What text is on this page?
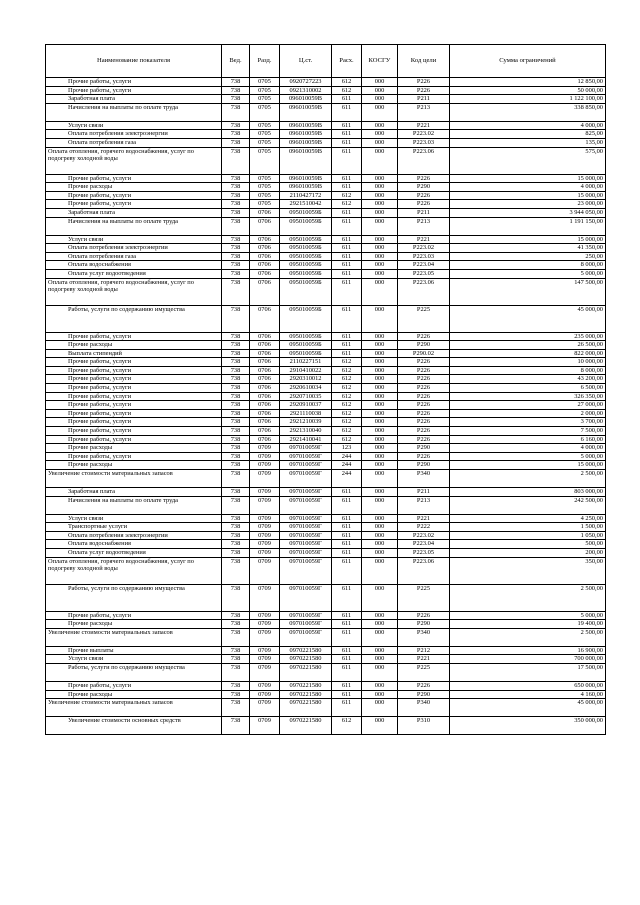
Наименование показателя	Вед.	Разд.	Ц.ст.	Расх.	КОСГУ	Код цели	Сумма ограничений
Прочие работы, услуги	738	0705	0920727223	612	000	Р226	12 850,00
Прочие работы, услуги	738	0705	0921310002	612	000	Р226	50 000,00
Заработная плата	738	0705	096010059В	611	000	Р211	1 122 100,00
Начисления на выплаты по оплате труда	738	0705	096010059В	611	000	Р213	338 850,00
Услуги связи	738	0705	096010059В	611	000	Р221	4 000,00
Оплата потребления электроэнергии	738	0705	096010059В	611	000	Р223.02	825,00
Оплата потребления газа	738	0705	096010059В	611	000	Р223.03	135,00
Оплата отопления, горячего водоснабжения, услуг по подогреву холодной воды	738	0705	096010059В	611	000	Р223.06	575,00
Прочие работы, услуги	738	0705	096010059В	611	000	Р226	15 000,00
Прочие расходы	738	0705	096010059В	611	000	Р290	4 000,00
Прочие работы, услуги	738	0705	2110427172	612	000	Р226	15 000,00
Прочие работы, услуги	738	0705	2921510042	612	000	Р226	23 000,00
Заработная плата	738	0706	095010059Б	611	000	Р211	3 944 050,00
Начисления на выплаты по оплате труда	738	0706	095010059Б	611	000	Р213	1 191 150,00
Услуги связи	738	0706	095010059Б	611	000	Р221	15 000,00
Оплата потребления электроэнергии	738	0706	095010059Б	611	000	Р223.02	41 350,00
Оплата потребления газа	738	0706	095010059Б	611	000	Р223.03	250,00
Оплата водоснабжения	738	0706	095010059Б	611	000	Р223.04	8 000,00
Оплата услуг водоотведения	738	0706	095010059Б	611	000	Р223.05	5 000,00
Оплата отопления, горячего водоснабжения, услуг по подогреву холодной воды	738	0706	095010059Б	611	000	Р223.06	147 500,00
Работы, услуги по содержанию имущества	738	0706	095010059Б	611	000	Р225	45 000,00
Прочие работы, услуги	738	0706	095010059Б	611	000	Р226	235 000,00
Прочие расходы	738	0706	095010059Б	611	000	Р290	26 500,00
Выплата стипендий	738	0706	095010059Б	611	000	Р290.02	822 000,00
Прочие работы, услуги	738	0706	2110227151	612	000	Р226	10 000,00
Прочие работы, услуги	738	0706	2910410022	612	000	Р226	8 000,00
Прочие работы, услуги	738	0706	2920310012	612	000	Р226	43 200,00
Прочие работы, услуги	738	0706	2920610034	612	000	Р226	6 500,00
Прочие работы, услуги	738	0706	2920710035	612	000	Р226	326 350,00
Прочие работы, услуги	738	0706	2920910037	612	000	Р226	27 000,00
Прочие работы, услуги	738	0706	2921110038	612	000	Р226	2 000,00
Прочие работы, услуги	738	0706	2921210039	612	000	Р226	3 700,00
Прочие работы, услуги	738	0706	2921310040	612	000	Р226	7 500,00
Прочие работы, услуги	738	0706	2921410041	612	000	Р226	6 160,00
Прочие расходы	738	0709	097010059Г	123	000	Р290	4 000,00
Прочие работы, услуги	738	0709	097010059Г	244	000	Р226	5 000,00
Прочие расходы	738	0709	097010059Г	244	000	Р290	15 000,00
Увеличение стоимости материальных запасов	738	0709	097010059Г	244	000	Р340	2 500,00
Заработная плата	738	0709	097010059Г	611	000	Р211	803 000,00
Начисления на выплаты по оплате труда	738	0709	097010059Г	611	000	Р213	242 500,00
Услуги связи	738	0709	097010059Г	611	000	Р221	4 250,00
Транспортные услуги	738	0709	097010059Г	611	000	Р222	1 500,00
Оплата потребления электроэнергии	738	0709	097010059Г	611	000	Р223.02	1 050,00
Оплата водоснабжения	738	0709	097010059Г	611	000	Р223.04	500,00
Оплата услуг водоотведения	738	0709	097010059Г	611	000	Р223.05	200,00
Оплата отопления, горячего водоснабжения, услуг по подогреву холодной воды	738	0709	097010059Г	611	000	Р223.06	350,00
Работы, услуги по содержанию имущества	738	0709	097010059Г	611	000	Р225	2 500,00
Прочие работы, услуги	738	0709	097010059Г	611	000	Р226	5 000,00
Прочие расходы	738	0709	097010059Г	611	000	Р290	19 400,00
Увеличение стоимости материальных запасов	738	0709	097010059Г	611	000	Р340	2 500,00
Прочие выплаты	738	0709	0970221580	611	000	Р212	16 900,00
Услуги связи	738	0709	0970221580	611	000	Р221	700 000,00
Работы, услуги по содержанию имущества	738	0709	0970221580	611	000	Р225	17 500,00
Прочие работы, услуги	738	0709	0970221580	611	000	Р226	650 000,00
Прочие расходы	738	0709	0970221580	611	000	Р290	4 160,00
Увеличение стоимости материальных запасов	738	0709	0970221580	611	000	Р340	45 000,00
Увеличение стоимости основных средств	738	0709	0970221580	612	000	Р310	350 000,00
